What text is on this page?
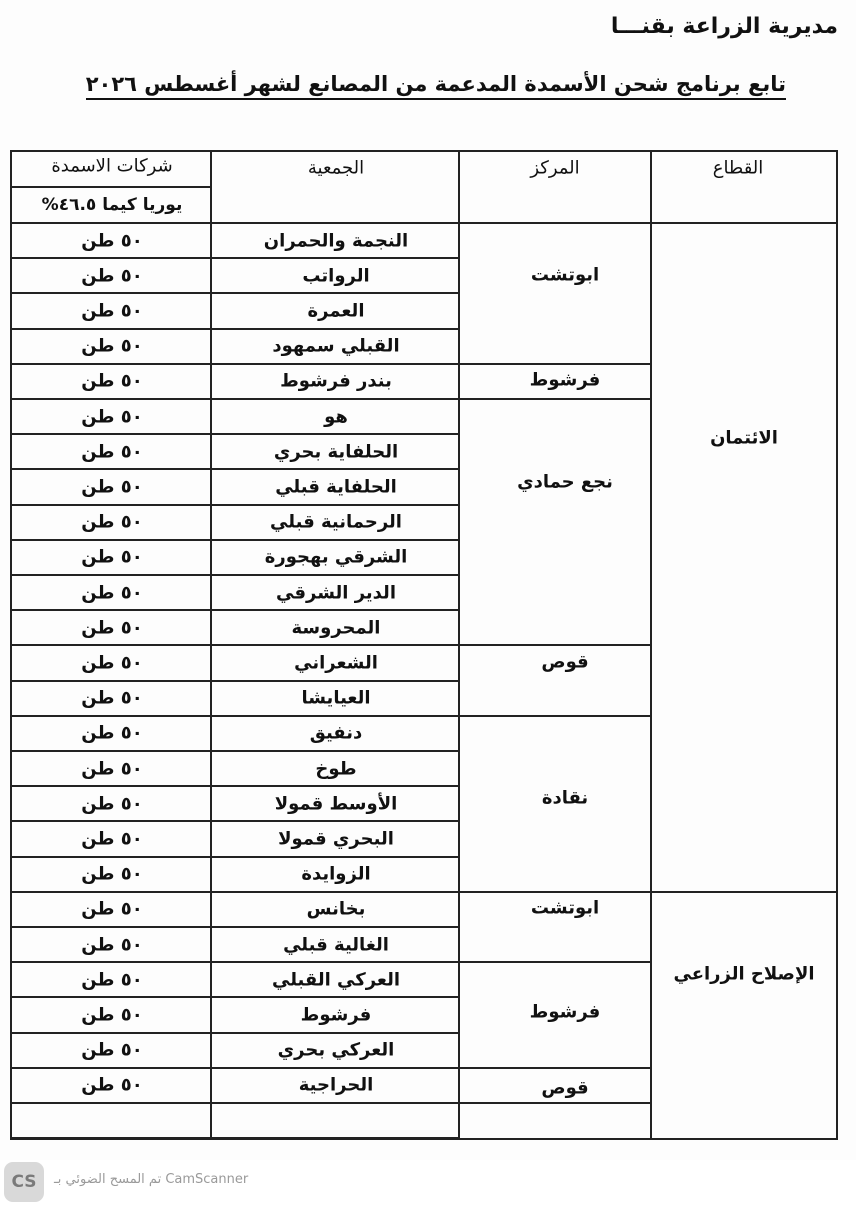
مديرية الزراعة بقنـــا
تابع برنامج شحن الأسمدة المدعمة من المصانع لشهر أغسطس ٢٠٢٦
القطاع
المركز
الجمعية
شركات الاسمدة
يوريا كيما ٤٦.٥%
الائتمان
الإصلاح الزراعي
ابوتشت
فرشوط
نجع حمادي
قوص
نقادة
ابوتشت
فرشوط
قوص
النجمة والحمران
٥٠ طن
الرواتب
٥٠ طن
العمرة
٥٠ طن
القبلي سمهود
٥٠ طن
بندر فرشوط
٥٠ طن
هو
٥٠ طن
الحلفاية بحري
٥٠ طن
الحلفاية قبلي
٥٠ طن
الرحمانية قبلي
٥٠ طن
الشرقي بهجورة
٥٠ طن
الدير الشرقي
٥٠ طن
المحروسة
٥٠ طن
الشعراني
٥٠ طن
العيايشا
٥٠ طن
دنفيق
٥٠ طن
طوخ
٥٠ طن
الأوسط قمولا
٥٠ طن
البحري قمولا
٥٠ طن
الزوايدة
٥٠ طن
بخانس
٥٠ طن
الغالية قبلي
٥٠ طن
العركي القبلي
٥٠ طن
فرشوط
٥٠ طن
العركي بحري
٥٠ طن
الحراجية
٥٠ طن
CS	تم المسح الضوئي بـ CamScanner
